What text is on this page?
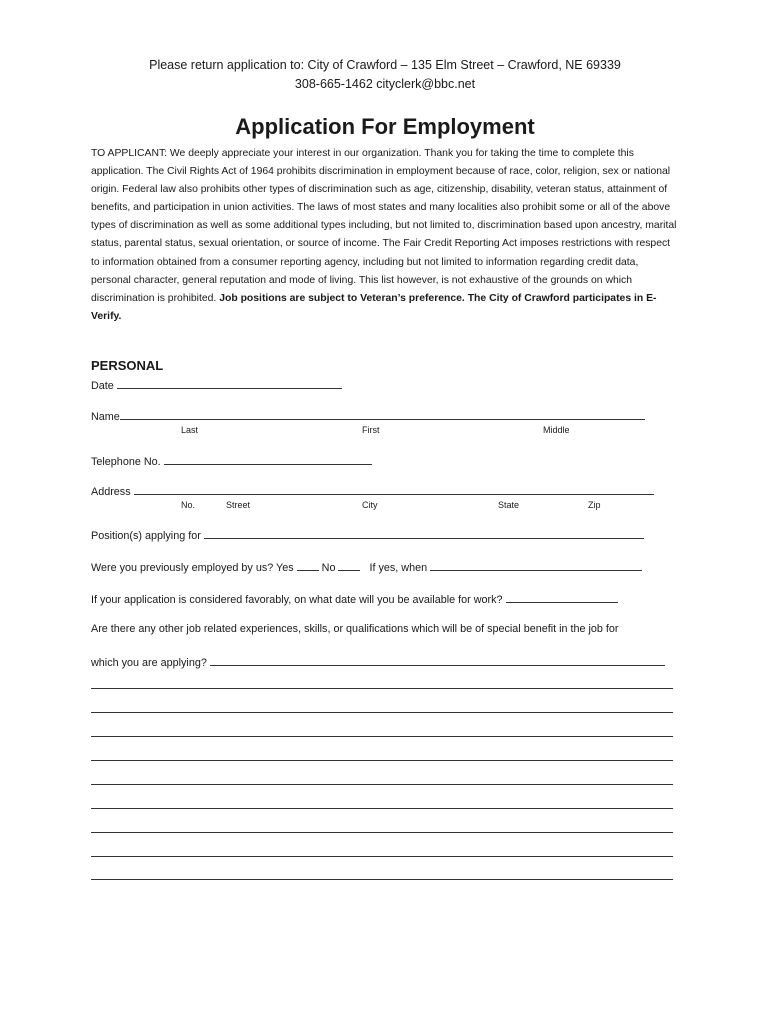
Please return application to: City of Crawford – 135 Elm Street – Crawford, NE 69339
308-665-1462 cityclerk@bbc.net
Application For Employment
TO APPLICANT: We deeply appreciate your interest in our organization. Thank you for taking the time to complete this application. The Civil Rights Act of 1964 prohibits discrimination in employment because of race, color, religion, sex or national origin. Federal law also prohibits other types of discrimination such as age, citizenship, disability, veteran status, attainment of benefits, and participation in union activities. The laws of most states and many localities also prohibit some or all of the above types of discrimination as well as some additional types including, but not limited to, discrimination based upon ancestry, marital status, parental status, sexual orientation, or source of income. The Fair Credit Reporting Act imposes restrictions with respect to information obtained from a consumer reporting agency, including but not limited to information regarding credit data, personal character, general reputation and mode of living. This list however, is not exhaustive of the grounds on which discrimination is prohibited. Job positions are subject to Veteran’s preference. The City of Crawford participates in E-Verify.
PERSONAL
Date
Name
Last	First	Middle
Telephone No.
Address
No.	Street	City	State	Zip
Position(s) applying for
Were you previously employed by us? Yes	No	If yes, when
If your application is considered favorably, on what date will you be available for work?
Are there any other job related experiences, skills, or qualifications which will be of special benefit in the job for
which you are applying?
